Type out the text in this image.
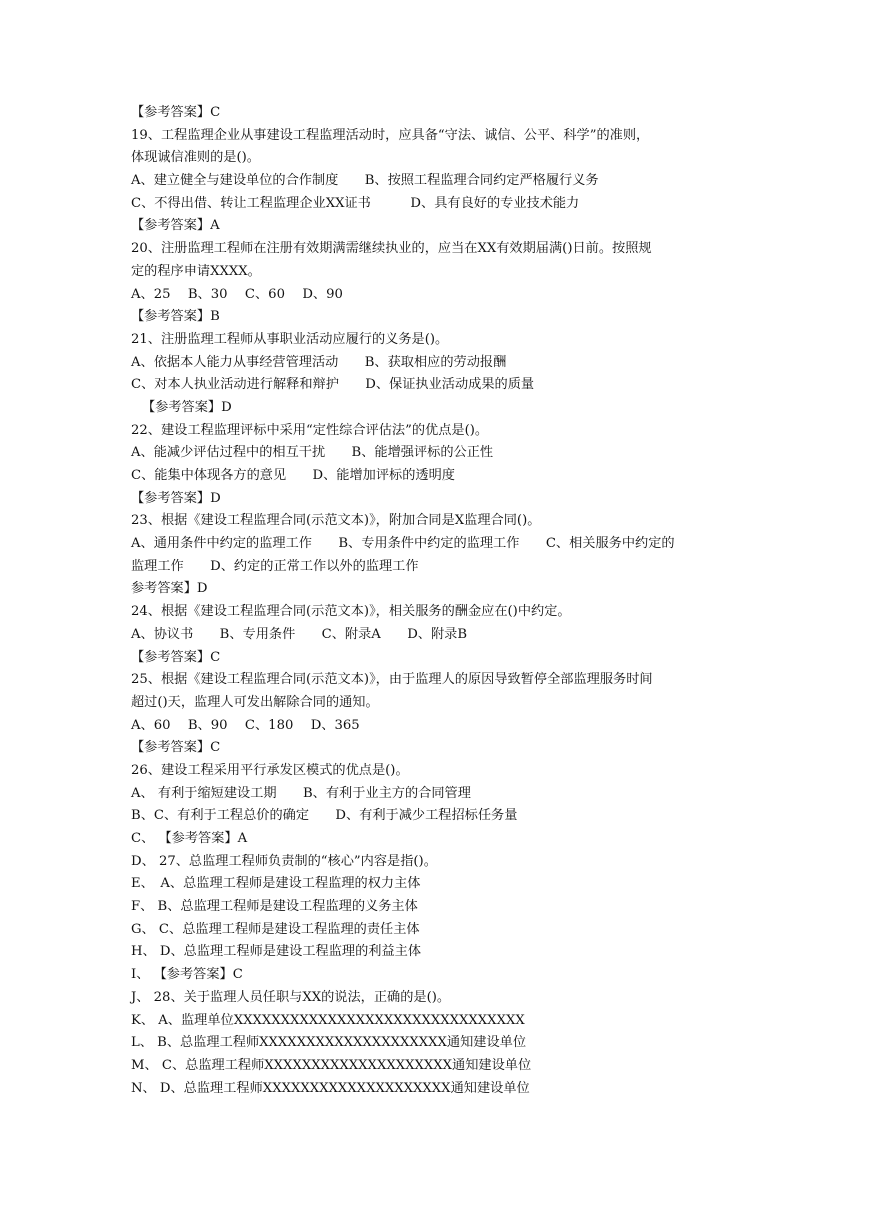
【参考答案】C
19、工程监理企业从事建设工程监理活动时，应具备“守法、诚信、公平、科学”的准则，
体现诚信准则的是()。
A、建立健全与建设单位的合作制度　　B、按照工程监理合同约定严格履行义务
C、不得出借、转让工程监理企业XX证书　　　D、具有良好的专业技术能力
【参考答案】A
20、注册监理工程师在注册有效期满需继续执业的，应当在XX有效期届满()日前。按照规
定的程序申请XXXX。
A、25　 B、30　 C、60　 D、90
【参考答案】B
21、注册监理工程师从事职业活动应履行的义务是()。
A、依据本人能力从事经营管理活动　　B、获取相应的劳动报酬
C、对本人执业活动进行解释和辩护　　D、保证执业活动成果的质量
【参考答案】D
22、建设工程监理评标中采用“定性综合评估法”的优点是()。
A、能减少评估过程中的相互干扰　　B、能增强评标的公正性
C、能集中体现各方的意见　　D、能增加评标的透明度
【参考答案】D
23、根据《建设工程监理合同(示范文本)》，附加合同是X监理合同()。
A、通用条件中约定的监理工作　　B、专用条件中约定的监理工作　　C、相关服务中约定的
监理工作　　D、约定的正常工作以外的监理工作
参考答案】D
24、根据《建设工程监理合同(示范文本)》，相关服务的酬金应在()中约定。
A、协议书　　B、专用条件　　C、附录A　　D、附录B
【参考答案】C
25、根据《建设工程监理合同(示范文本)》，由于监理人的原因导致暂停全部监理服务时间
超过()天，监理人可发出解除合同的通知。
A、60　 B、90　 C、180　 D、365
【参考答案】C
26、建设工程采用平行承发区模式的优点是()。
A、 有利于缩短建设工期　　B、有利于业主方的合同管理
B、C、有利于工程总价的确定　　D、有利于减少工程招标任务量
C、 【参考答案】A
D、 27、总监理工程师负责制的“核心”内容是指()。
E、　A、总监理工程师是建设工程监理的权力主体
F、 B、总监理工程师是建设工程监理的义务主体
G、 C、总监理工程师是建设工程监理的责任主体
H、 D、总监理工程师是建设工程监理的利益主体
I、 【参考答案】C
J、 28、关于监理人员任职与XX的说法，正确的是()。
K、 A、监理单位XXXXXXXXXXXXXXXXXXXXXXXXXXXXXXX
L、 B、总监理工程师XXXXXXXXXXXXXXXXXXXX通知建设单位
M、 C、总监理工程师XXXXXXXXXXXXXXXXXXXX通知建设单位
N、 D、总监理工程师XXXXXXXXXXXXXXXXXXXX通知建设单位
